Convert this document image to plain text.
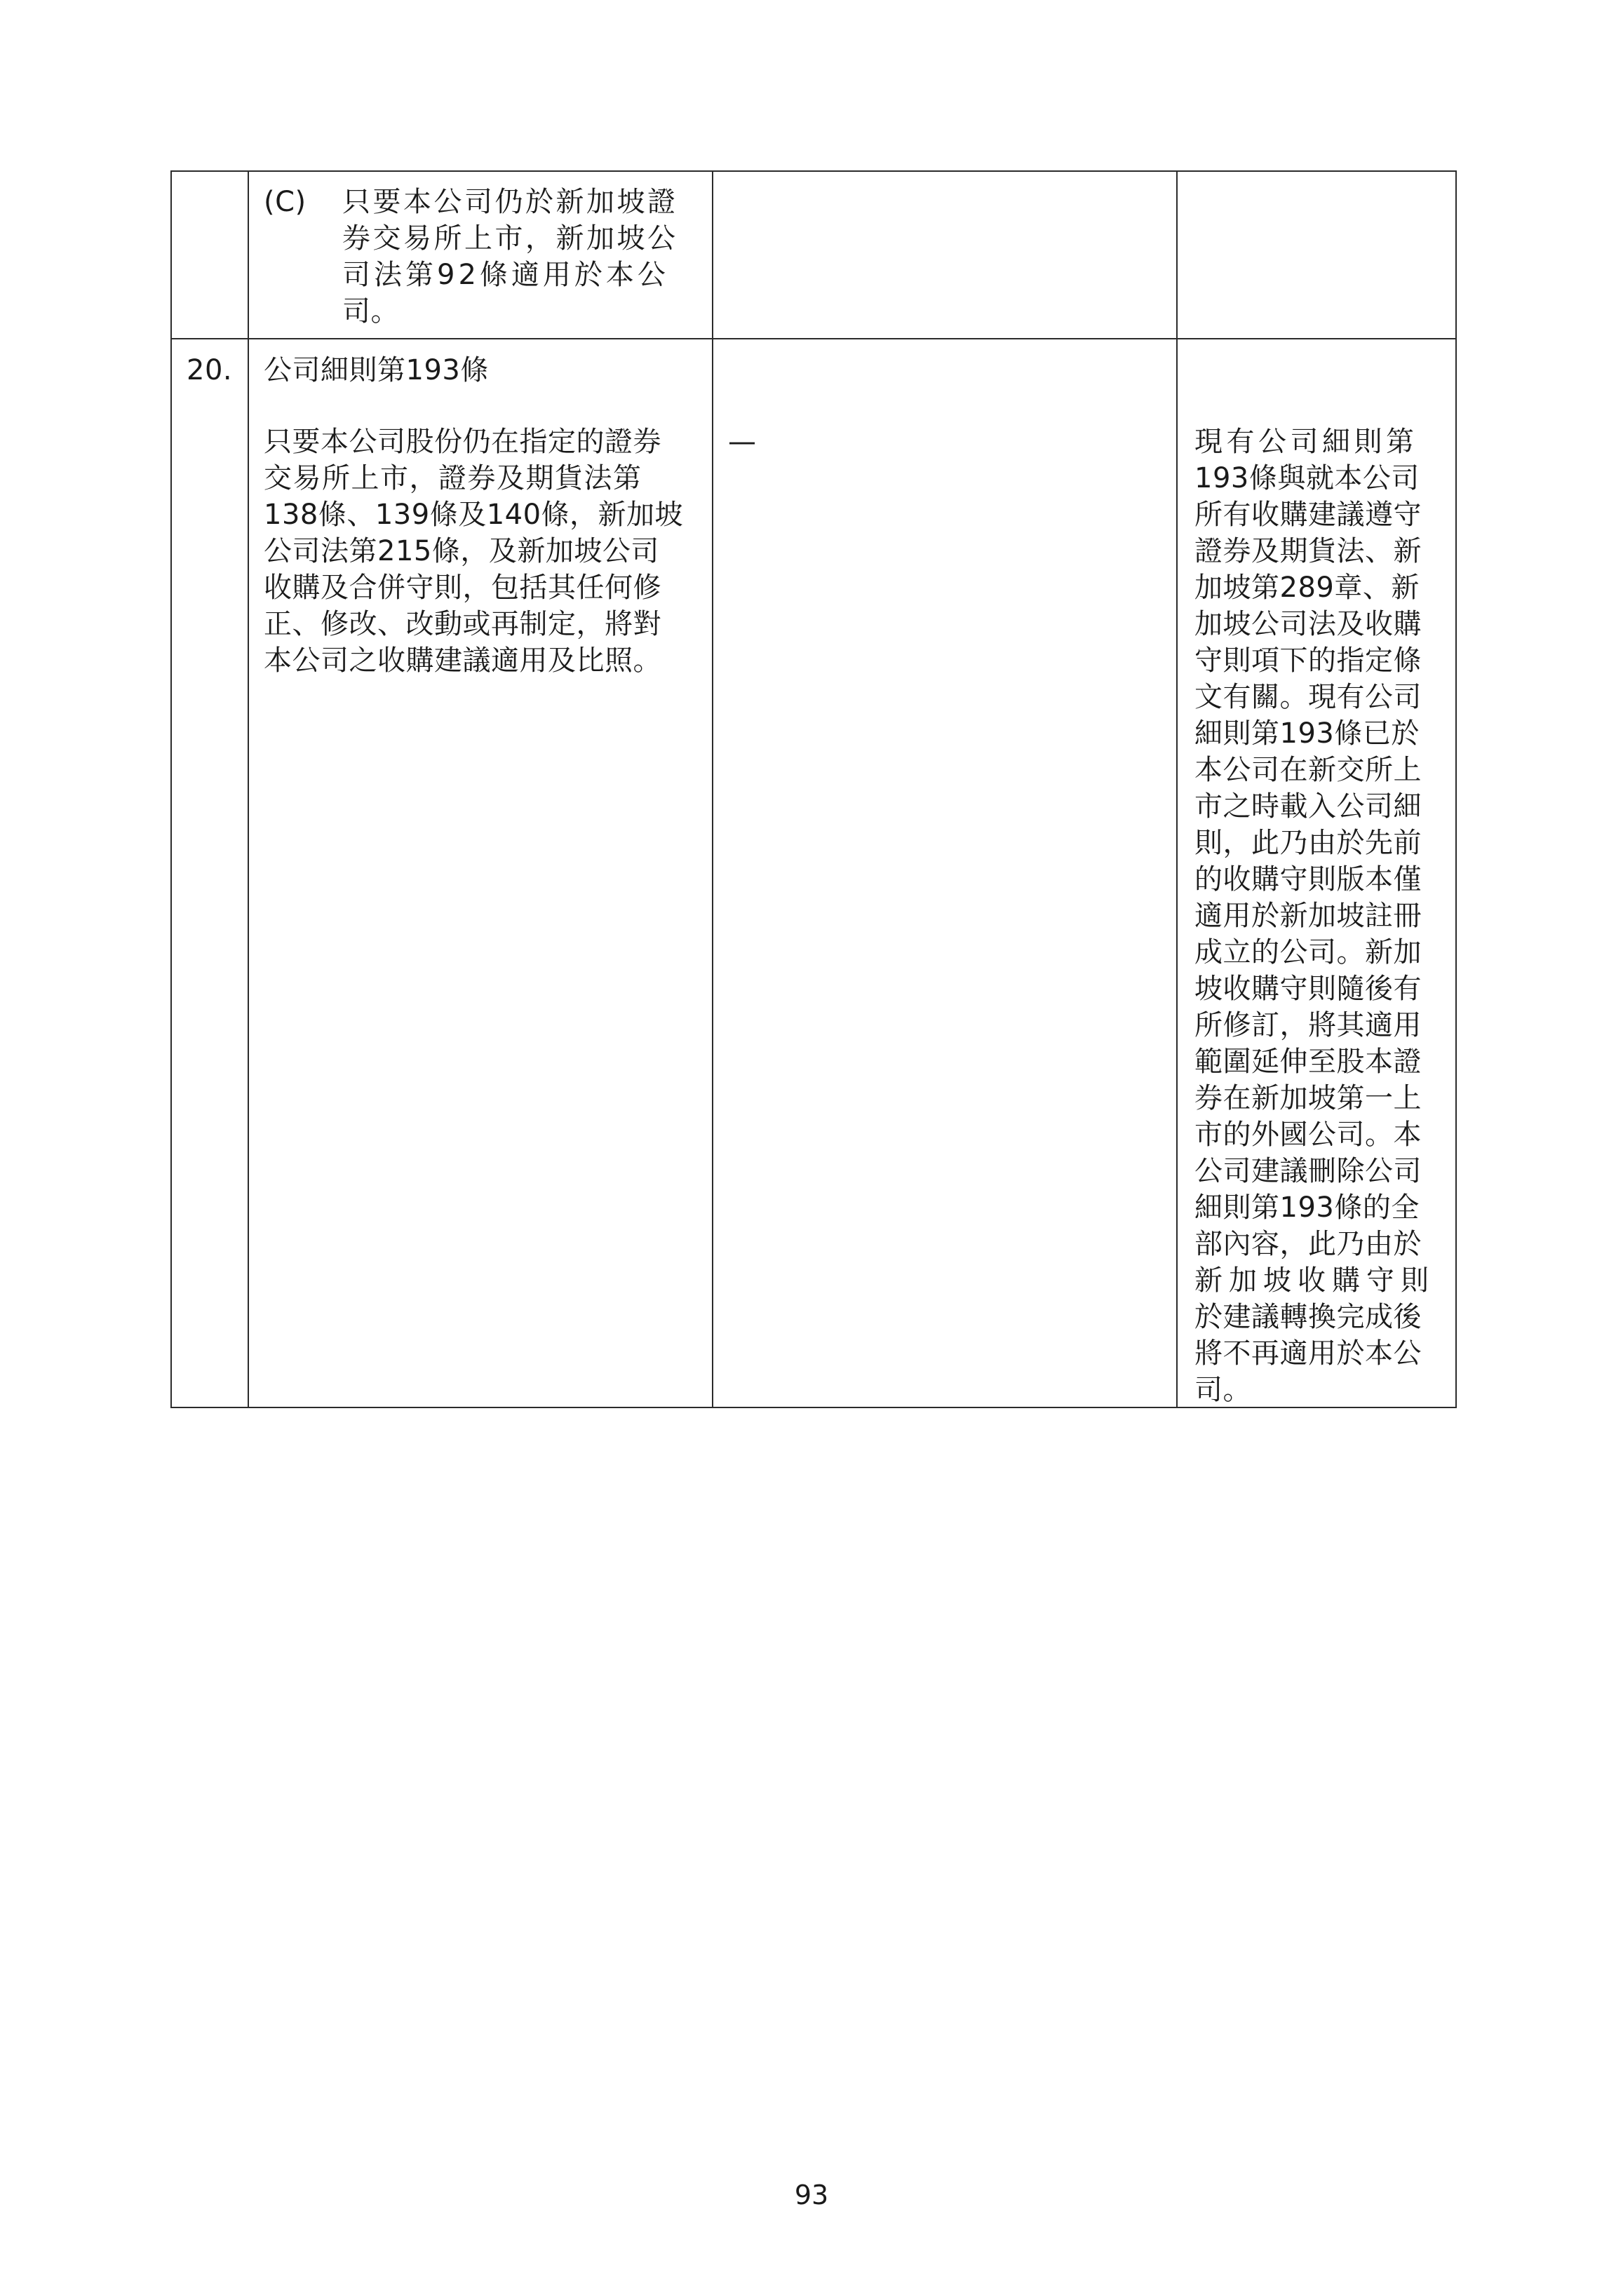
(C) 只要本公司仍於新加坡證
券交易所上市，新加坡公
司法第92條適用於本公
司。
20. 公司細則第193條
只要本公司股份仍在指定的證券
交易所上市，證券及期貨法第
138條、139條及140條，新加坡
公司法第215條，及新加坡公司
收購及合併守則，包括其任何修
正、修改、改動或再制定，將對
本公司之收購建議適用及比照。
—	現有公司細則第
193條與就本公司
所有收購建議遵守
證券及期貨法、新
加坡第289章、新
加坡公司法及收購
守則項下的指定條
文有關。現有公司
細則第193條已於
本公司在新交所上
市之時載入公司細
則，此乃由於先前
的收購守則版本僅
適用於新加坡註冊
成立的公司。新加
坡收購守則隨後有
所修訂，將其適用
範圍延伸至股本證
券在新加坡第一上
市的外國公司。本
公司建議刪除公司
細則第193條的全
部內容，此乃由於
新加坡收購守則
於建議轉換完成後
將不再適用於本公
司。
93
